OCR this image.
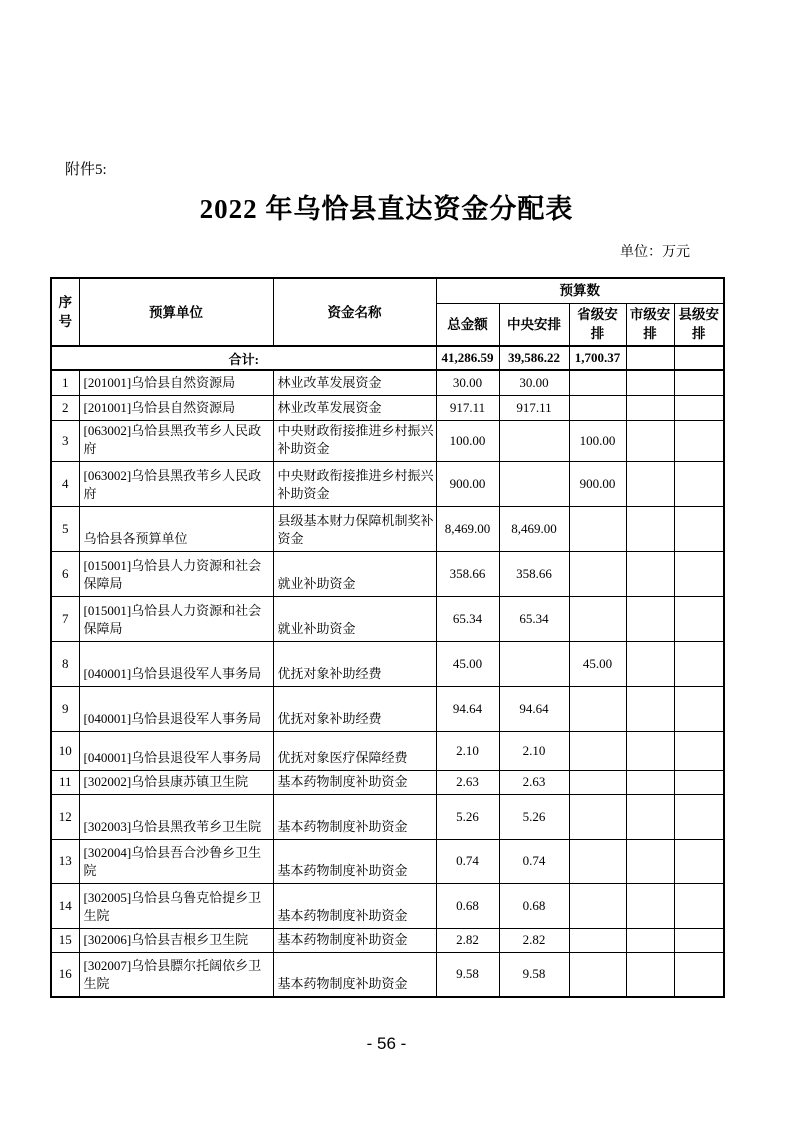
附件5:
2022 年乌恰县直达资金分配表
单位：万元
序号	预算单位	资金名称	预算数				
			总金额	中央安排	省级安排	市级安排	县级安排
合计:			41,286.59	39,586.22	1,700.37		
1	[201001]乌恰县自然资源局	林业改革发展资金	30.00	30.00			
2	[201001]乌恰县自然资源局	林业改革发展资金	917.11	917.11			
3	[063002]乌恰县黑孜苇乡人民政府	中央财政衔接推进乡村振兴补助资金	100.00		100.00		
4	[063002]乌恰县黑孜苇乡人民政府	中央财政衔接推进乡村振兴补助资金	900.00		900.00		
5	乌恰县各预算单位	县级基本财力保障机制奖补资金	8,469.00	8,469.00			
6	[015001]乌恰县人力资源和社会保障局	就业补助资金	358.66	358.66			
7	[015001]乌恰县人力资源和社会保障局	就业补助资金	65.34	65.34			
8	[040001]乌恰县退役军人事务局	优抚对象补助经费	45.00		45.00		
9	[040001]乌恰县退役军人事务局	优抚对象补助经费	94.64	94.64			
10	[040001]乌恰县退役军人事务局	优抚对象医疗保障经费	2.10	2.10			
11	[302002]乌恰县康苏镇卫生院	基本药物制度补助资金	2.63	2.63			
12	[302003]乌恰县黑孜苇乡卫生院	基本药物制度补助资金	5.26	5.26			
13	[302004]乌恰县吾合沙鲁乡卫生院	基本药物制度补助资金	0.74	0.74			
14	[302005]乌恰县乌鲁克恰提乡卫生院	基本药物制度补助资金	0.68	0.68			
15	[302006]乌恰县吉根乡卫生院	基本药物制度补助资金	2.82	2.82			
16	[302007]乌恰县膘尔托阔依乡卫生院	基本药物制度补助资金	9.58	9.58			
- 56 -
